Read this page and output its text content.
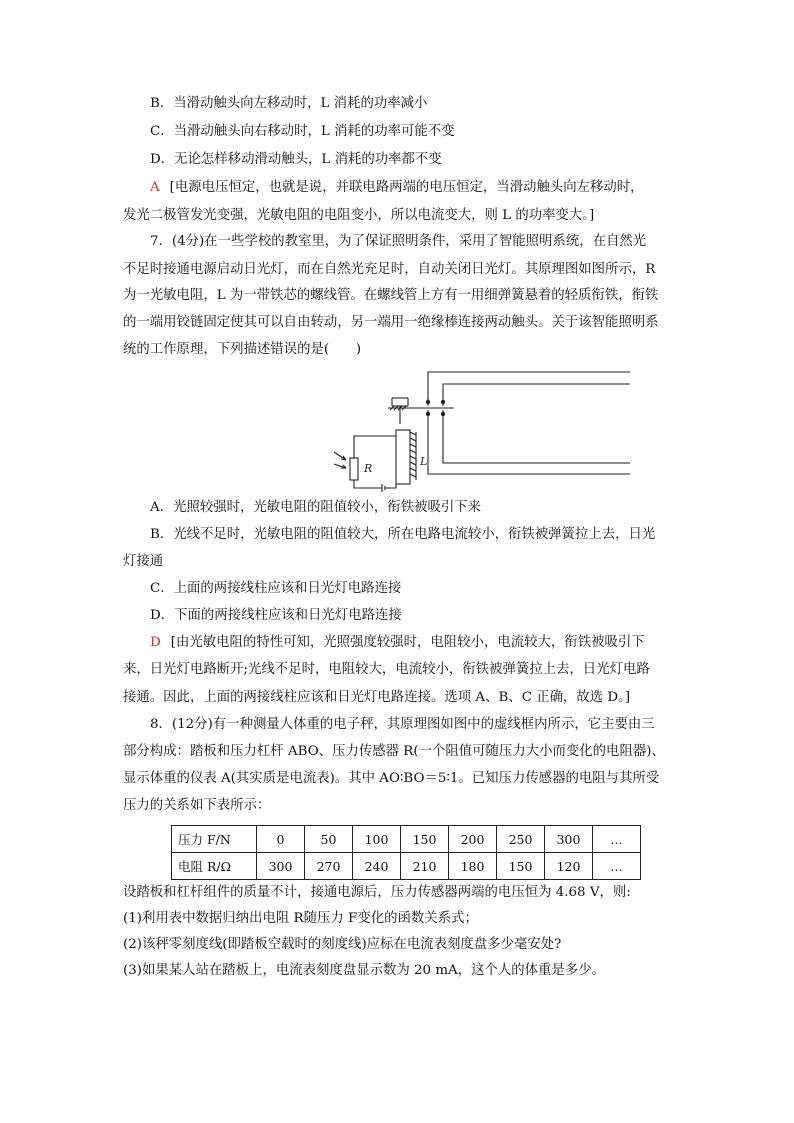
B．当滑动触头向左移动时，L 消耗的功率减小
C．当滑动触头向右移动时，L 消耗的功率可能不变
D．无论怎样移动滑动触头，L 消耗的功率都不变
A [电源电压恒定，也就是说，并联电路两端的电压恒定，当滑动触头向左移动时，
发光二极管发光变强，光敏电阻的电阻变小，所以电流变大，则 L 的功率变大。]
7．(4分)在一些学校的教室里，为了保证照明条件，采用了智能照明系统，在自然光
不足时接通电源启动日光灯，而在自然光充足时，自动关闭日光灯。其原理图如图所示，R
为一光敏电阻，L 为一带铁芯的螺线管。在螺线管上方有一用细弹簧悬着的轻质衔铁，衔铁
的一端用铰链固定使其可以自由转动，另一端用一绝缘棒连接两动触头。关于该智能照明系
统的工作原理，下列描述错误的是(　　)
R
L
A．光照较强时，光敏电阻的阻值较小，衔铁被吸引下来
B．光线不足时，光敏电阻的阻值较大，所在电路电流较小，衔铁被弹簧拉上去，日光
灯接通
C．上面的两接线柱应该和日光灯电路连接
D．下面的两接线柱应该和日光灯电路连接
D [由光敏电阻的特性可知，光照强度较强时，电阻较小，电流较大，衔铁被吸引下
来，日光灯电路断开;光线不足时，电阻较大，电流较小，衔铁被弹簧拉上去，日光灯电路
接通。因此，上面的两接线柱应该和日光灯电路连接。选项 A、B、C 正确，故选 D。]
8．(12分)有一种测量人体重的电子秤，其原理图如图中的虚线框内所示，它主要由三
部分构成：踏板和压力杠杆 ABO、压力传感器 R(一个阻值可随压力大小而变化的电阻器)、
显示体重的仪表 A(其实质是电流表)。其中 AO∶BO＝5∶1。已知压力传感器的电阻与其所受
压力的关系如下表所示：
压力 F/N	0	50	100	150	200	250	300	…
电阻 R/Ω	300	270	240	210	180	150	120	…
设踏板和杠杆组件的质量不计，接通电源后，压力传感器两端的电压恒为 4.68 V，则:
(1)利用表中数据归纳出电阻 R随压力 F变化的函数关系式；
(2)该秤零刻度线(即踏板空载时的刻度线)应标在电流表刻度盘多少毫安处?
(3)如果某人站在踏板上，电流表刻度盘显示数为 20 mA，这个人的体重是多少。
